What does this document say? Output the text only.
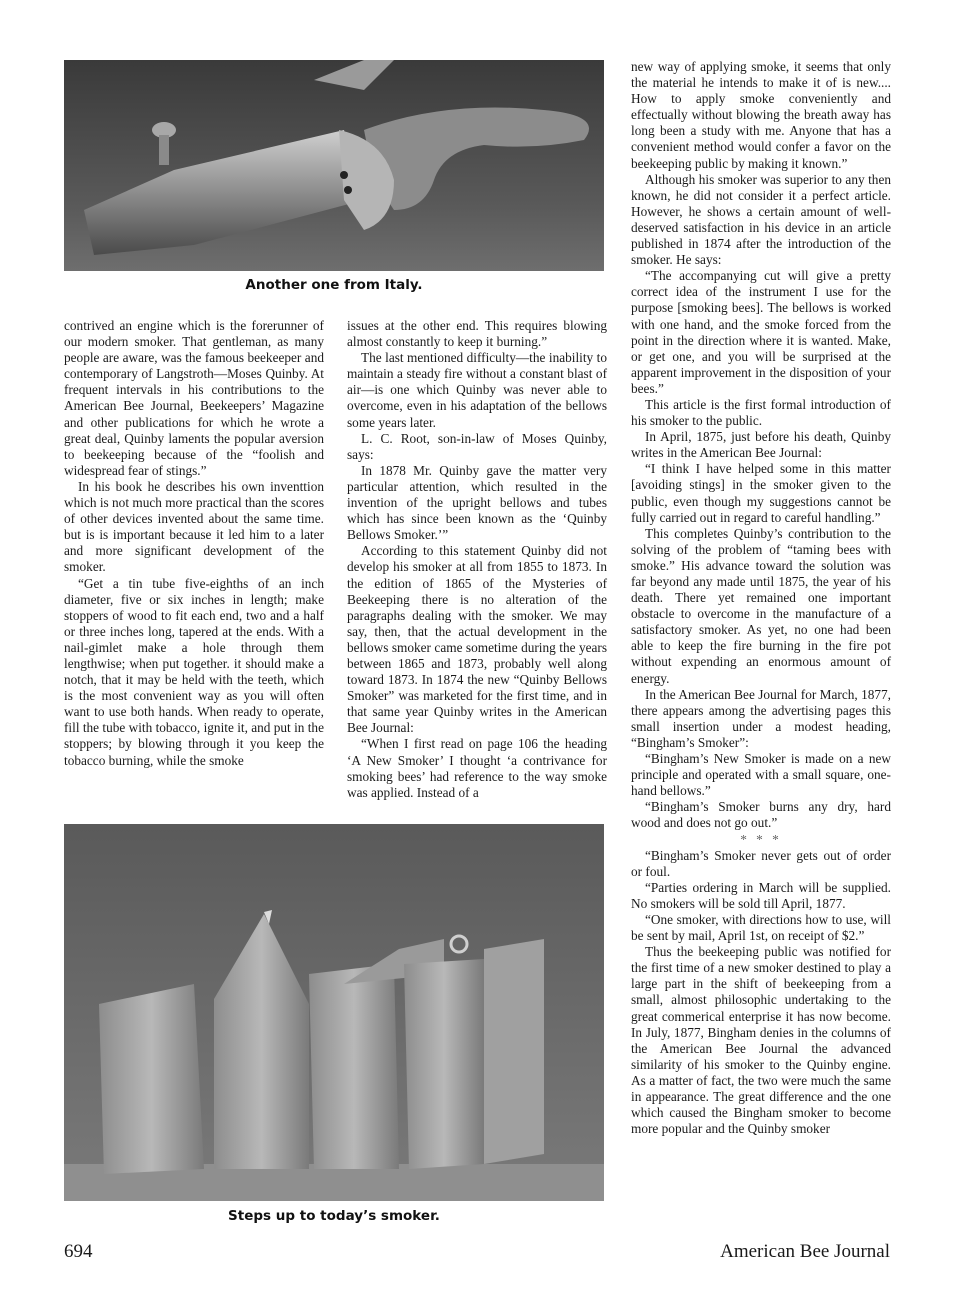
Another one from Italy.

contrived an engine which is the forerunner of our modern smoker. That gentleman, as many people are aware, was the famous beekeeper and contemporary of Langstroth—Moses Quinby. At frequent intervals in his contributions to the American Bee Journal, Beekeepers’ Magazine and other publications for which he wrote a great deal, Quinby laments the popular aversion to beekeeping because of the “foolish and widespread fear of stings.”

In his book he describes his own inventtion which is not much more practical than the scores of other devices invented about the same time. but is is important because it led him to a later and more significant development of the smoker.

“Get a tin tube five-eighths of an inch diameter, five or six inches in length; make stoppers of wood to fit each end, two and a half or three inches long, tapered at the ends. With a nail-gimlet make a hole through them lengthwise; when put together. it should make a notch, that it may be held with the teeth, which is the most convenient way as you will often want to use both hands. When ready to operate, fill the tube with tobacco, ignite it, and put in the stoppers; by blowing through it you keep the tobacco burning, while the smoke

issues at the other end. This requires blowing almost constantly to keep it burning.”

The last mentioned difficulty—the inability to maintain a steady fire without a constant blast of air—is one which Quinby was never able to overcome, even in his adaptation of the bellows some years later.

L. C. Root, son-in-law of Moses Quinby, says:

In 1878 Mr. Quinby gave the matter very particular attention, which resulted in the invention of the upright bellows and tubes which has since been known as the ‘Quinby Bellows Smoker.’”

According to this statement Quinby did not develop his smoker at all from 1855 to 1873. In the edition of 1865 of the Mysteries of Beekeeping there is no alteration of the paragraphs dealing with the smoker. We may say, then, that the actual development in the bellows smoker came sometime during the years between 1865 and 1873, probably well along toward 1873. In 1874 the new “Quinby Bellows Smoker” was marketed for the first time, and in that same year Quinby writes in the American Bee Journal:

“When I first read on page 106 the heading ‘A New Smoker’ I thought ‘a contrivance for smoking bees’ had reference to the way smoke was applied. Instead of a

Steps up to today’s smoker.

new way of applying smoke, it seems that only the material he intends to make it of is new.... How to apply smoke conveniently and effectually without blowing the breath away has long been a study with me. Anyone that has a convenient method would confer a favor on the beekeeping public by making it known.”

Although his smoker was superior to any then known, he did not consider it a perfect article. However, he shows a certain amount of well-deserved satisfaction in his device in an article published in 1874 after the introduction of the smoker. He says:

“The accompanying cut will give a pretty correct idea of the instrument I use for the purpose [smoking bees]. The bellows is worked with one hand, and the smoke forced from the point in the direction where it is wanted. Make, or get one, and you will be surprised at the apparent improvement in the disposition of your bees.”

This article is the first formal introduction of his smoker to the public.

In April, 1875, just before his death, Quinby writes in the American Bee Journal:

“I think I have helped some in this matter [avoiding stings] in the smoker given to the public, even though my suggestions cannot be fully carried out in regard to careful handling.”

This completes Quinby’s contribution to the solving of the problem of “taming bees with smoke.” His advance toward the solution was far beyond any made until 1875, the year of his death. There yet remained one important obstacle to overcome in the manufacture of a satisfactory smoker. As yet, no one had been able to keep the fire burning in the fire pot without expending an enormous amount of energy.

In the American Bee Journal for March, 1877, there appears among the advertising pages this small insertion under a modest heading, “Bingham’s Smoker”:

“Bingham’s New Smoker is made on a new principle and operated with a small square, one-hand bellows.”

“Bingham’s Smoker burns any dry, hard wood and does not go out.”

* * *

“Bingham’s Smoker never gets out of order or foul.

“Parties ordering in March will be supplied. No smokers will be sold till April, 1877.

“One smoker, with directions how to use, will be sent by mail, April 1st, on receipt of $2.”

Thus the beekeeping public was notified for the first time of a new smoker destined to play a large part in the shift of beekeeping from a small, almost philosophic undertaking to the great commerical enterprise it has now become. In July, 1877, Bingham denies in the columns of the American Bee Journal the advanced similarity of his smoker to the Quinby engine. As a matter of fact, the two were much the same in appearance. The great difference and the one which caused the Bingham smoker to become more popular and the Quinby smoker

694	American Bee Journal
